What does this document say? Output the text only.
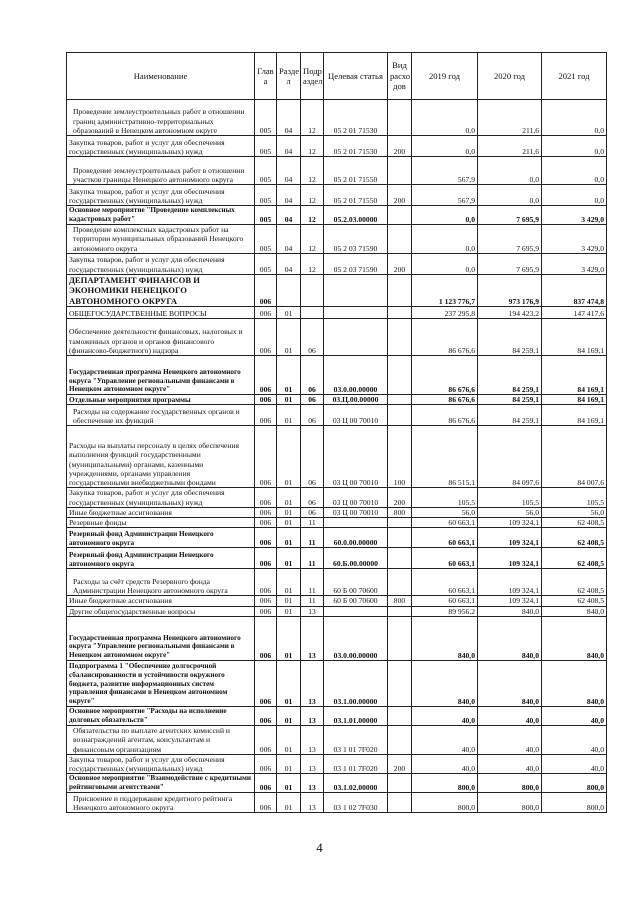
Наименование	Глав а	Разде л	Подр аздел	Целевая статья	Вид расхо дов	2019 год	2020 год	2021 год
Проведение землеустроительных работ в отношении границ административно-территориальных образований в Ненецком автономном округе	005	04	12	05 2 01 71530		0,0	211,6	0,0
Закупка товаров, работ и услуг для обеспечения государственных (муниципальных) нужд	005	04	12	05 2 01 71530	200	0,0	211,6	0,0
Проведение землеустроительных работ в отношении участков границы Ненецкого автономного округа	005	04	12	05 2 01 71550		567,9	0,0	0,0
Закупка товаров, работ и услуг для обеспечения государственных (муниципальных) нужд	005	04	12	05 2 01 71550	200	567,9	0,0	0,0
Основное мероприятие "Проведение комплексных кадастровых работ"	005	04	12	05.2.03.00000		0,0	7 695,9	3 429,0
Проведение комплексных кадастровых работ на территории муниципальных образований Ненецкого автономного округа	005	04	12	05 2 03 71590		0,0	7 695,9	3 429,0
Закупка товаров, работ и услуг для обеспечения государственных (муниципальных) нужд	005	04	12	05 2 03 71590	200	0,0	7 695,9	3 429,0
ДЕПАРТАМЕНТ ФИНАНСОВ И ЭКОНОМИКИ НЕНЕЦКОГО АВТОНОМНОГО ОКРУГА	006					1 123 776,7	973 176,9	837 474,8
ОБЩЕГОСУДАРСТВЕННЫЕ ВОПРОСЫ	006	01				237 295,8	194 423,2	147 417,6
Обеспечение деятельности финансовых, налоговых и таможенных органов и органов финансового (финансово-бюджетного) надзора	006	01	06			86 676,6	84 259,1	84 169,1
Государственная программа Ненецкого автономного округа "Управление региональными финансами в Ненецком автономном округе"	006	01	06	03.0.00.00000		86 676,6	84 259,1	84 169,1
Отдельные мероприятия программы	006	01	06	03.Ц.00.00000		86 676,6	84 259,1	84 169,1
Расходы на содержание государственных органов и обеспечение их функций	006	01	06	03 Ц 00 70010		86 676,6	84 259,1	84 169,1
Расходы на выплаты персоналу в целях обеспечения выполнения функций государственными (муниципальными) органами, казенными учреждениями, органами управления государственными внебюджетными фондами	006	01	06	03 Ц 00 70010	100	86 515,1	84 097,6	84 007,6
Закупка товаров, работ и услуг для обеспечения государственных (муниципальных) нужд	006	01	06	03 Ц 00 70010	200	105,5	105,5	105,5
Иные бюджетные ассигнования	006	01	06	03 Ц 00 70010	800	56,0	56,0	56,0
Резервные фонды	006	01	11			60 663,1	109 324,1	62 408,5
Резервный фонд Администрации Ненецкого автономного округа	006	01	11	60.0.00.00000		60 663,1	109 324,1	62 408,5
Резервный фонд Администрации Ненецкого автономного округа	006	01	11	60.Б.00.00000		60 663,1	109 324,1	62 408,5
Расходы за счёт средств Резервного фонда Администрации Ненецкого автономного округа	006	01	11	60 Б 00 70600		60 663,1	109 324,1	62 408,5
Иные бюджетные ассигнования	006	01	11	60 Б 00 70600	800	60 663,1	109 324,1	62 408,5
Другие общегосударственные вопросы	006	01	13			89 956,2	840,0	840,0
Государственная программа Ненецкого автономного округа "Управление региональными финансами в Ненецком автономном округе"	006	01	13	03.0.00.00000		840,0	840,0	840,0
Подпрограмма 1 "Обеспечение долгосрочной сбалансированности и устойчивости окружного бюджета, развитие информационных систем управления финансами в Ненецком автономном округе"	006	01	13	03.1.00.00000		840,0	840,0	840,0
Основное мероприятие "Расходы на исполнение долговых обязательств"	006	01	13	03.1.01.00000		40,0	40,0	40,0
Обязательства по выплате агентских комиссий и вознаграждений агентам, консультантам и финансовым организациям	006	01	13	03 1 01 7F020		40,0	40,0	40,0
Закупка товаров, работ и услуг для обеспечения государственных (муниципальных) нужд	006	01	13	03 1 01 7F020	200	40,0	40,0	40,0
Основное мероприятие "Взаимодействие с кредитными рейтинговыми агентствами"	006	01	13	03.1.02.00000		800,0	800,0	800,0
Присвоение и поддержание кредитного рейтинга Ненецкого автономного округа	006	01	13	03 1 02 7F030		800,0	800,0	800,0
4
